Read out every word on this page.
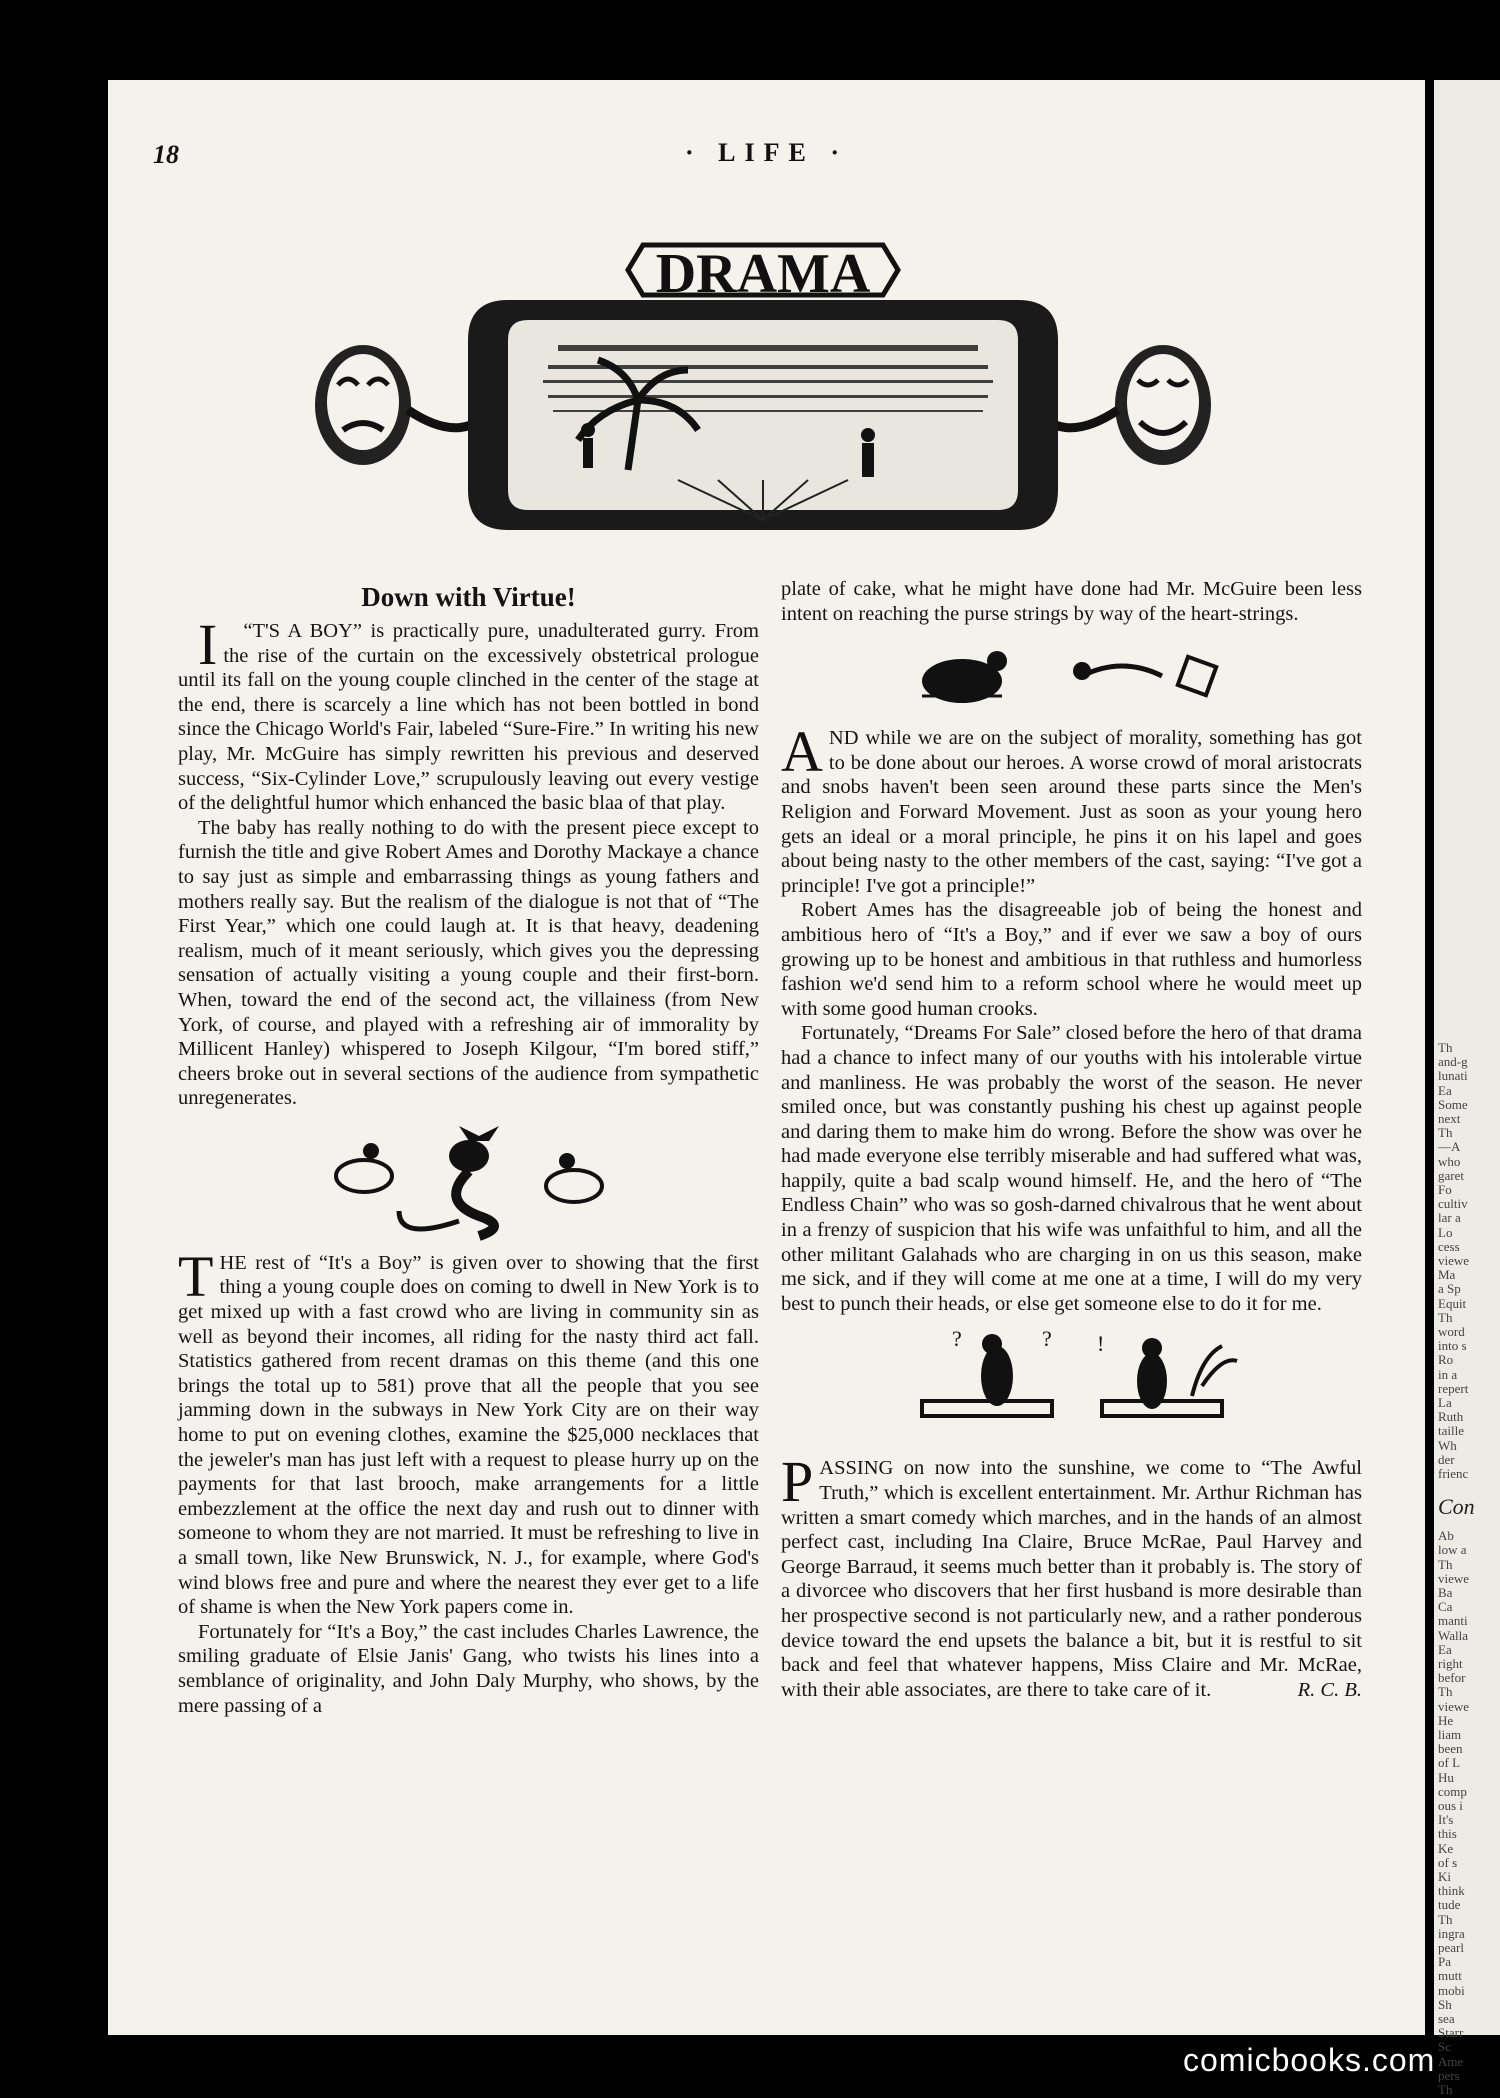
18	· LIFE ·
DRAMA
Down with Virtue!

“
I T'S A BOY” is practically pure, unadulterated gurry. From the rise of the curtain on the excessively obstetrical prologue until its fall on the young couple clinched in the center of the stage at the end, there is scarcely a line which has not been bottled in bond since the Chicago World's Fair, labeled “Sure-Fire.” In writing his new play, Mr. McGuire has simply rewritten his previous and deserved success, “Six-Cylinder Love,” scrupulously leaving out every vestige of the delightful humor which enhanced the basic blaa of that play.

The baby has really nothing to do with the present piece except to furnish the title and give Robert Ames and Dorothy Mackaye a chance to say just as simple and embarrassing things as young fathers and mothers really say. But the realism of the dialogue is not that of “The First Year,” which one could laugh at. It is that heavy, deadening realism, much of it meant seriously, which gives you the depressing sensation of actually visiting a young couple and their first-born. When, toward the end of the second act, the villainess (from New York, of course, and played with a refreshing air of immorality by Millicent Hanley) whispered to Joseph Kilgour, “I'm bored stiff,” cheers broke out in several sections of the audience from sympathetic unregenerates.

THE rest of “It's a Boy” is given over to showing that the first thing a young couple does on coming to dwell in New York is to get mixed up with a fast crowd who are living in community sin as well as beyond their incomes, all riding for the nasty third act fall. Statistics gathered from recent dramas on this theme (and this one brings the total up to 581) prove that all the people that you see jamming down in the subways in New York City are on their way home to put on evening clothes, examine the $25,000 necklaces that the jeweler's man has just left with a request to please hurry up on the payments for that last brooch, make arrangements for a little embezzlement at the office the next day and rush out to dinner with someone to whom they are not married. It must be refreshing to live in a small town, like New Brunswick, N. J., for example, where God's wind blows free and pure and where the nearest they ever get to a life of shame is when the New York papers come in.

Fortunately for “It's a Boy,” the cast includes Charles Lawrence, the smiling graduate of Elsie Janis' Gang, who twists his lines into a semblance of originality, and John Daly Murphy, who shows, by the mere passing of a

plate of cake, what he might have done had Mr. McGuire been less intent on reaching the purse strings by way of the heart-strings.

AND while we are on the subject of morality, something has got to be done about our heroes. A worse crowd of moral aristocrats and snobs haven't been seen around these parts since the Men's Religion and Forward Movement. Just as soon as your young hero gets an ideal or a moral principle, he pins it on his lapel and goes about being nasty to the other members of the cast, saying: “I've got a principle! I've got a principle!”

Robert Ames has the disagreeable job of being the honest and ambitious hero of “It's a Boy,” and if ever we saw a boy of ours growing up to be honest and ambitious in that ruthless and humorless fashion we'd send him to a reform school where he would meet up with some good human crooks.

Fortunately, “Dreams For Sale” closed before the hero of that drama had a chance to infect many of our youths with his intolerable virtue and manliness. He was probably the worst of the season. He never smiled once, but was constantly pushing his chest up against people and daring them to make him do wrong. Before the show was over he had made everyone else terribly miserable and had suffered what was, happily, quite a bad scalp wound himself. He, and the hero of “The Endless Chain” who was so gosh-darned chivalrous that he went about in a frenzy of suspicion that his wife was unfaithful to him, and all the other militant Galahads who are charging in on us this season, make me sick, and if they will come at me one at a time, I will do my very best to punch their heads, or else get someone else to do it for me.

?	? !

PASSING on now into the sunshine, we come to “The Awful Truth,” which is excellent entertainment. Mr. Arthur Richman has written a smart comedy which marches, and in the hands of an almost perfect cast, including Ina Claire, Bruce McRae, Paul Harvey and George Barraud, it seems much better than it probably is. The story of a divorcee who discovers that her first husband is more desirable than her prospective second is not particularly new, and a rather ponderous device toward the end upsets the balance a bit, but it is restful to sit back and feel that whatever happens, Miss Claire and Mr. McRae, with their able associates, are there to take care of it.	R. C. B.

Th
and-g
lunati
Ea
Some
next
Th
—A
who
garet
Fo
cultiv
lar a
Lo
cess
viewe
Ma
a Sp
Equit
Th
word
into s
Ro
in a
repert
La
Ruth
taille
Wh
der
frienc
Con
Ab
low a
Th
viewe
Ba
Ca
manti
Walla
Ea
right
befor
Th
viewe
He
liam
been
of L
Hu
comp
ous i
It's
this
Ke
of s
Ki
think
tude
Th
ingra
pearl
Pa
mutt
mobi
Sh
sea
Starr
Sc
Ame
pers
Th
comicbooks.com
